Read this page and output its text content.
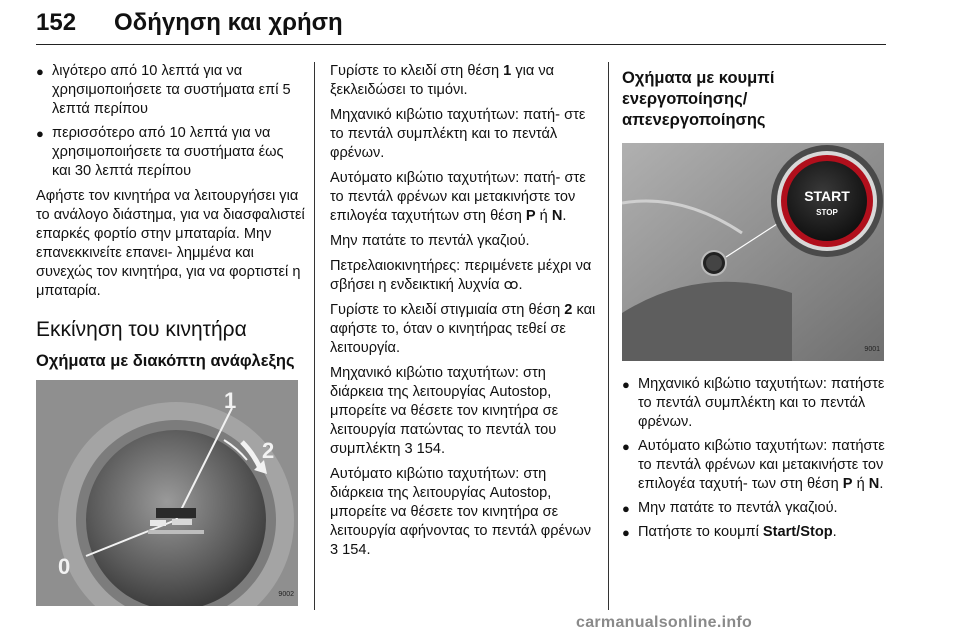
152 Οδήγηση και χρήση
● λιγότερο από 10 λεπτά για να χρησιμοποιήσετε τα συστήματα επί 5 λεπτά περίπου
● περισσότερο από 10 λεπτά για να χρησιμοποιήσετε τα συστήματα έως και 30 λεπτά περίπου

Αφήστε τον κινητήρα να λειτουργήσει για το ανάλογο διάστημα, για να διασφαλιστεί επαρκές φορτίο στην μπαταρία. Μην επανεκκινείτε επανει- λημμένα και συνεχώς τον κινητήρα, για να φορτιστεί η μπαταρία.

Εκκίνηση του κινητήρα
Οχήματα με διακόπτη ανάφλεξης
1
2
0
9002

Γυρίστε το κλειδί στη θέση 1 για να ξεκλειδώσει το τιμόνι.

Μηχανικό κιβώτιο ταχυτήτων: πατή- στε το πεντάλ συμπλέκτη και το πεντάλ φρένων.

Αυτόματο κιβώτιο ταχυτήτων: πατή- στε το πεντάλ φρένων και μετακινήστε τον επιλογέα ταχυτήτων στη θέση P ή N.

Μην πατάτε το πεντάλ γκαζιού.

Πετρελαιοκινητήρες: περιμένετε μέχρι να σβήσει η ενδεικτική λυχνία ꝏ.

Γυρίστε το κλειδί στιγμιαία στη θέση 2 και αφήστε το, όταν ο κινητήρας τεθεί σε λειτουργία.

Μηχανικό κιβώτιο ταχυτήτων: στη διάρκεια της λειτουργίας Autostop, μπορείτε να θέσετε τον κινητήρα σε λειτουργία πατώντας το πεντάλ του συμπλέκτη 3 154.

Αυτόματο κιβώτιο ταχυτήτων: στη διάρκεια της λειτουργίας Autostop, μπορείτε να θέσετε τον κινητήρα σε λειτουργία αφήνοντας το πεντάλ φρένων 3 154.

Οχήματα με κουμπί ενεργοποίησης/ απενεργοποίησης
START
STOP
9001
● Μηχανικό κιβώτιο ταχυτήτων: πατήστε το πεντάλ συμπλέκτη και το πεντάλ φρένων.
● Αυτόματο κιβώτιο ταχυτήτων: πατήστε το πεντάλ φρένων και μετακινήστε τον επιλογέα ταχυτή- των στη θέση P ή N.
● Μην πατάτε το πεντάλ γκαζιού.
● Πατήστε το κουμπί Start/Stop.
carmanualsonline.info
